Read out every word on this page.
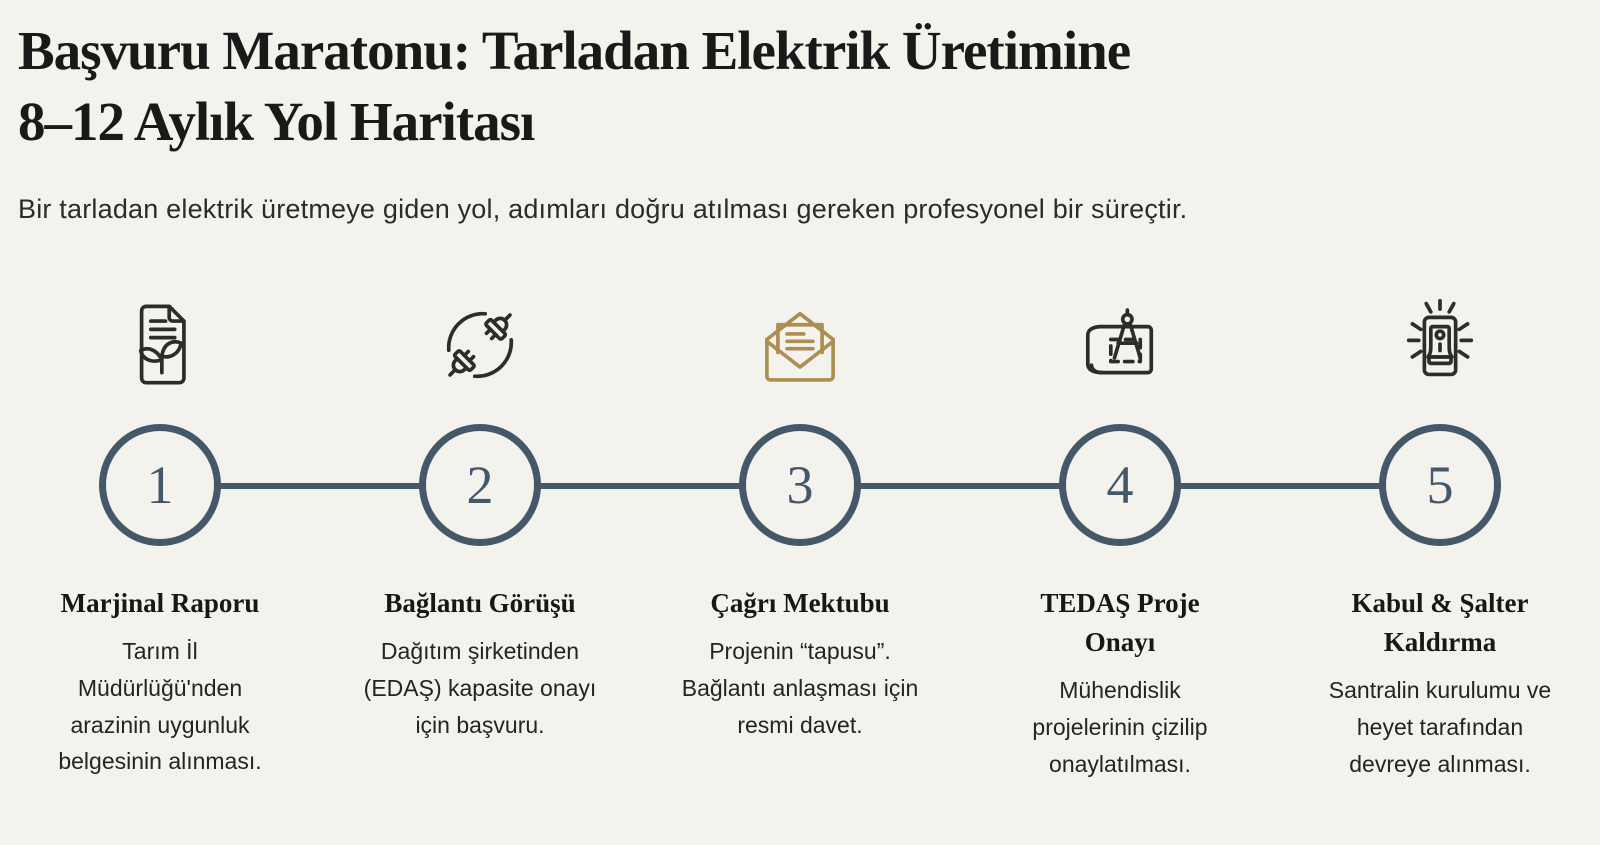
Başvuru Maratonu: Tarladan Elektrik Üretimine
8–12 Aylık Yol Haritası
Bir tarladan elektrik üretmeye giden yol, adımları doğru atılması gereken profesyonel bir süreçtir.
1
Marjinal Raporu
Tarım İl Müdürlüğü'nden arazinin uygunluk belgesinin alınması.
2
Bağlantı Görüşü
Dağıtım şirketinden (EDAŞ) kapasite onayı için başvuru.
3
Çağrı Mektubu
Projenin “tapusu”. Bağlantı anlaşması için resmi davet.
4
TEDAŞ Proje Onayı
Mühendislik projelerinin çizilip onaylatılması.
5
Kabul & Şalter Kaldırma
Santralin kurulumu ve heyet tarafından devreye alınması.
